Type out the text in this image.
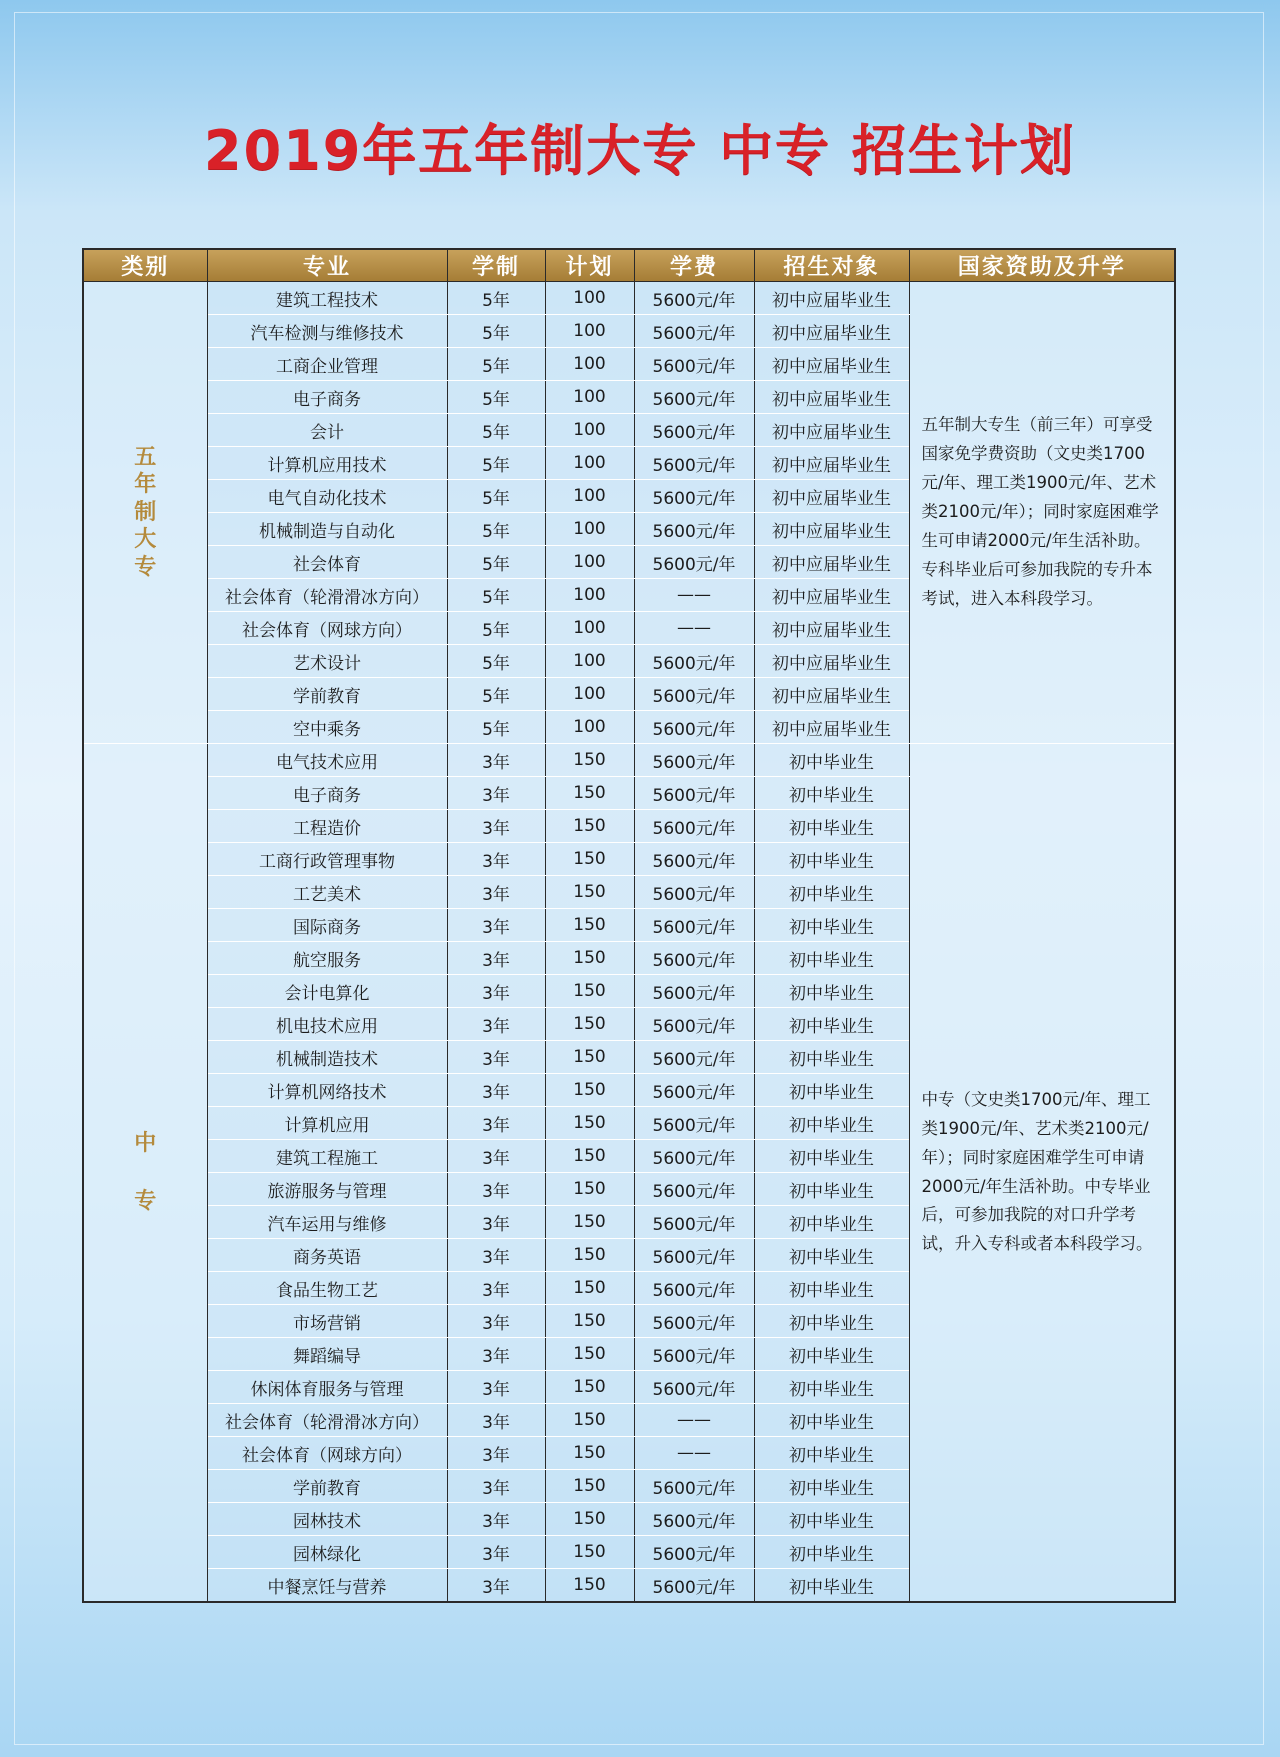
2019年五年制大专 中专 招生计划
类别	专业	学制	计划	学费	招生对象	国家资助及升学
五
年
制
大
专	建筑工程技术	5年	100	5600元/年	初中应届毕业生	五年制大专生（前三年）可享受国家免学费资助（文史类1700元/年、理工类1900元/年、艺术类2100元/年）；同时家庭困难学生可申请2000元/年生活补助。专科毕业后可参加我院的专升本考试，进入本科段学习。
	汽车检测与维修技术	5年	100	5600元/年	初中应届毕业生	
	工商企业管理	5年	100	5600元/年	初中应届毕业生	
	电子商务	5年	100	5600元/年	初中应届毕业生	
	会计	5年	100	5600元/年	初中应届毕业生	
	计算机应用技术	5年	100	5600元/年	初中应届毕业生	
	电气自动化技术	5年	100	5600元/年	初中应届毕业生	
	机械制造与自动化	5年	100	5600元/年	初中应届毕业生	
	社会体育	5年	100	5600元/年	初中应届毕业生	
	社会体育（轮滑滑冰方向）	5年	100	——	初中应届毕业生	
	社会体育（网球方向）	5年	100	——	初中应届毕业生	
	艺术设计	5年	100	5600元/年	初中应届毕业生	
	学前教育	5年	100	5600元/年	初中应届毕业生	
	空中乘务	5年	100	5600元/年	初中应届毕业生	
中
专	电气技术应用	3年	150	5600元/年	初中毕业生	中专（文史类1700元/年、理工类1900元/年、艺术类2100元/年）；同时家庭困难学生可申请2000元/年生活补助。中专毕业后，可参加我院的对口升学考试，升入专科或者本科段学习。
	电子商务	3年	150	5600元/年	初中毕业生	
	工程造价	3年	150	5600元/年	初中毕业生	
	工商行政管理事物	3年	150	5600元/年	初中毕业生	
	工艺美术	3年	150	5600元/年	初中毕业生	
	国际商务	3年	150	5600元/年	初中毕业生	
	航空服务	3年	150	5600元/年	初中毕业生	
	会计电算化	3年	150	5600元/年	初中毕业生	
	机电技术应用	3年	150	5600元/年	初中毕业生	
	机械制造技术	3年	150	5600元/年	初中毕业生	
	计算机网络技术	3年	150	5600元/年	初中毕业生	
	计算机应用	3年	150	5600元/年	初中毕业生	
	建筑工程施工	3年	150	5600元/年	初中毕业生	
	旅游服务与管理	3年	150	5600元/年	初中毕业生	
	汽车运用与维修	3年	150	5600元/年	初中毕业生	
	商务英语	3年	150	5600元/年	初中毕业生	
	食品生物工艺	3年	150	5600元/年	初中毕业生	
	市场营销	3年	150	5600元/年	初中毕业生	
	舞蹈编导	3年	150	5600元/年	初中毕业生	
	休闲体育服务与管理	3年	150	5600元/年	初中毕业生	
	社会体育（轮滑滑冰方向）	3年	150	——	初中毕业生	
	社会体育（网球方向）	3年	150	——	初中毕业生	
	学前教育	3年	150	5600元/年	初中毕业生	
	园林技术	3年	150	5600元/年	初中毕业生	
	园林绿化	3年	150	5600元/年	初中毕业生	
	中餐烹饪与营养	3年	150	5600元/年	初中毕业生	
